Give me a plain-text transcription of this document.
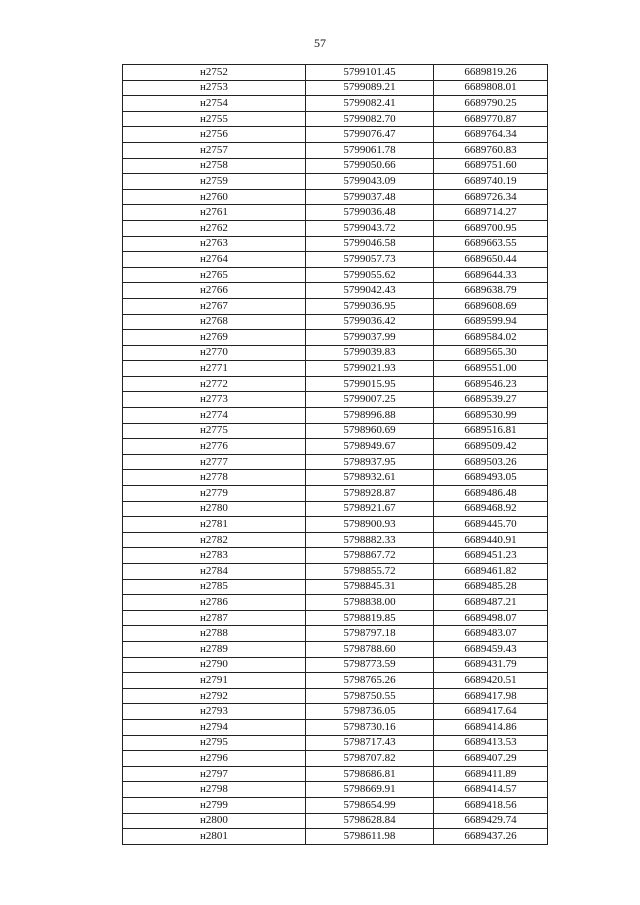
57
н2752	5799101.45	6689819.26
н2753	5799089.21	6689808.01
н2754	5799082.41	6689790.25
н2755	5799082.70	6689770.87
н2756	5799076.47	6689764.34
н2757	5799061.78	6689760.83
н2758	5799050.66	6689751.60
н2759	5799043.09	6689740.19
н2760	5799037.48	6689726.34
н2761	5799036.48	6689714.27
н2762	5799043.72	6689700.95
н2763	5799046.58	6689663.55
н2764	5799057.73	6689650.44
н2765	5799055.62	6689644.33
н2766	5799042.43	6689638.79
н2767	5799036.95	6689608.69
н2768	5799036.42	6689599.94
н2769	5799037.99	6689584.02
н2770	5799039.83	6689565.30
н2771	5799021.93	6689551.00
н2772	5799015.95	6689546.23
н2773	5799007.25	6689539.27
н2774	5798996.88	6689530.99
н2775	5798960.69	6689516.81
н2776	5798949.67	6689509.42
н2777	5798937.95	6689503.26
н2778	5798932.61	6689493.05
н2779	5798928.87	6689486.48
н2780	5798921.67	6689468.92
н2781	5798900.93	6689445.70
н2782	5798882.33	6689440.91
н2783	5798867.72	6689451.23
н2784	5798855.72	6689461.82
н2785	5798845.31	6689485.28
н2786	5798838.00	6689487.21
н2787	5798819.85	6689498.07
н2788	5798797.18	6689483.07
н2789	5798788.60	6689459.43
н2790	5798773.59	6689431.79
н2791	5798765.26	6689420.51
н2792	5798750.55	6689417.98
н2793	5798736.05	6689417.64
н2794	5798730.16	6689414.86
н2795	5798717.43	6689413.53
н2796	5798707.82	6689407.29
н2797	5798686.81	6689411.89
н2798	5798669.91	6689414.57
н2799	5798654.99	6689418.56
н2800	5798628.84	6689429.74
н2801	5798611.98	6689437.26
